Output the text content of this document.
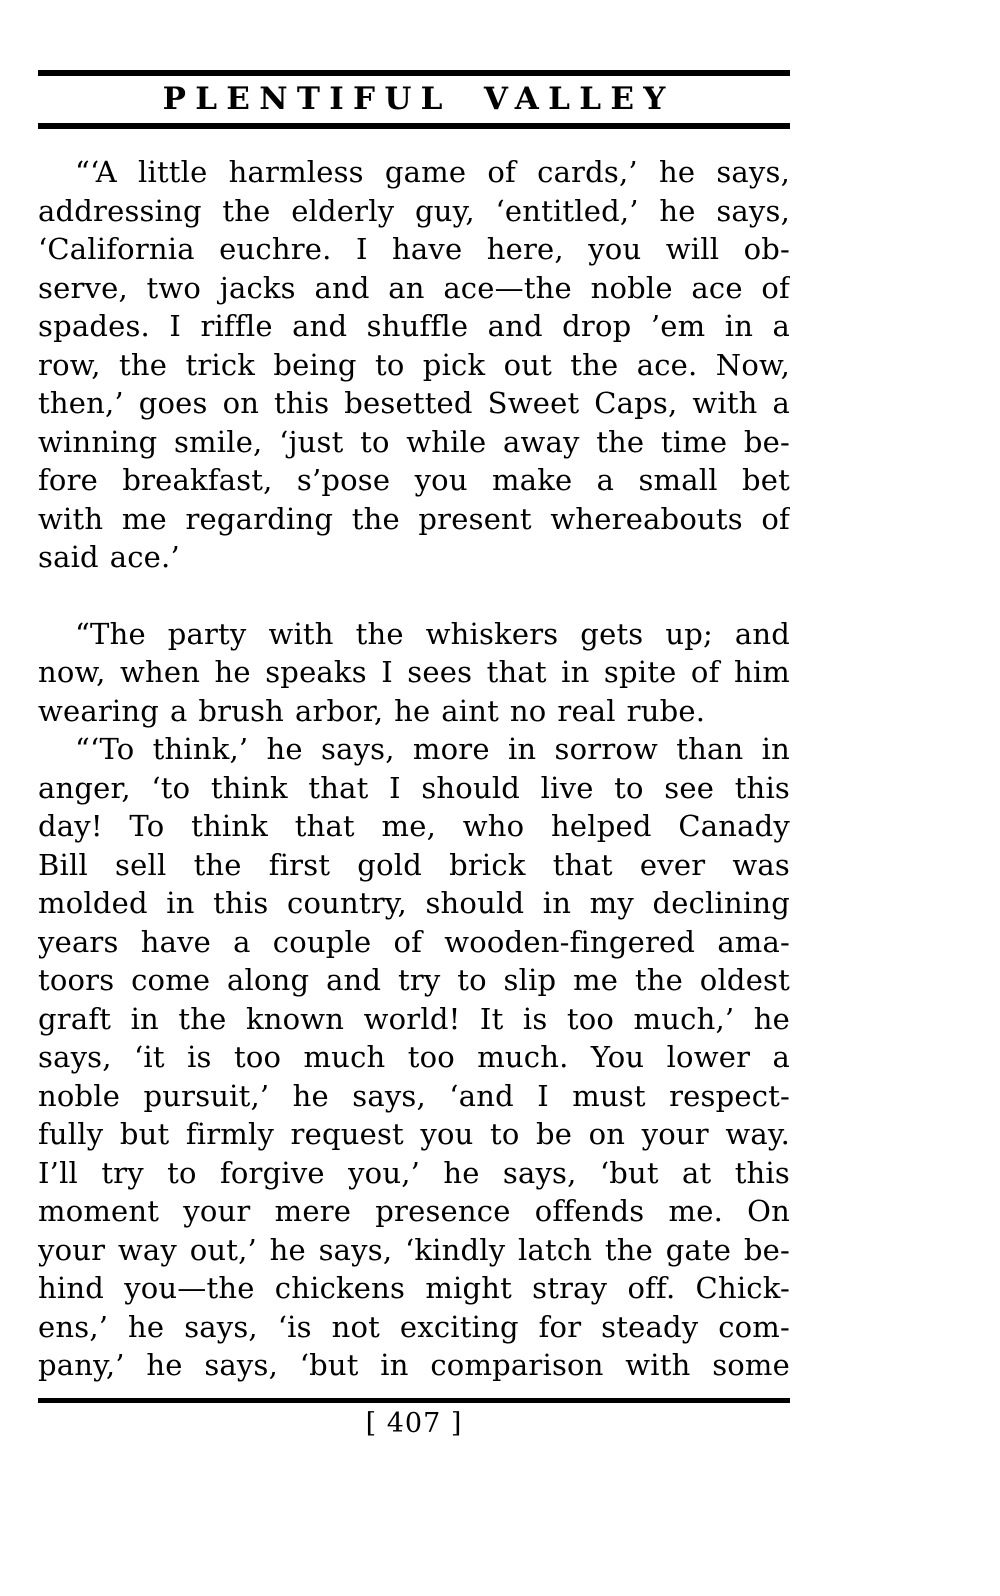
PLENTIFUL VALLEY
“‘A little harmless game of cards,’ he says,
addressing the elderly guy, ‘entitled,’ he says,
‘California euchre. I have here, you will ob-
serve, two jacks and an ace—the noble ace of
spades. I riffle and shuffle and drop ’em in a
row, the trick being to pick out the ace. Now,
then,’ goes on this besetted Sweet Caps, with a
winning smile, ‘just to while away the time be-
fore breakfast, s’pose you make a small bet
with me regarding the present whereabouts of
said ace.’
“The party with the whiskers gets up; and
now, when he speaks I sees that in spite of him
wearing a brush arbor, he aint no real rube.
“‘To think,’ he says, more in sorrow than in
anger, ‘to think that I should live to see this
day! To think that me, who helped Canady
Bill sell the first gold brick that ever was
molded in this country, should in my declining
years have a couple of wooden-fingered ama-
toors come along and try to slip me the oldest
graft in the known world! It is too much,’ he
says, ‘it is too much too much. You lower a
noble pursuit,’ he says, ‘and I must respect-
fully but firmly request you to be on your way.
I’ll try to forgive you,’ he says, ‘but at this
moment your mere presence offends me. On
your way out,’ he says, ‘kindly latch the gate be-
hind you—the chickens might stray off. Chick-
ens,’ he says, ‘is not exciting for steady com-
pany,’ he says, ‘but in comparison with some
[ 407 ]
